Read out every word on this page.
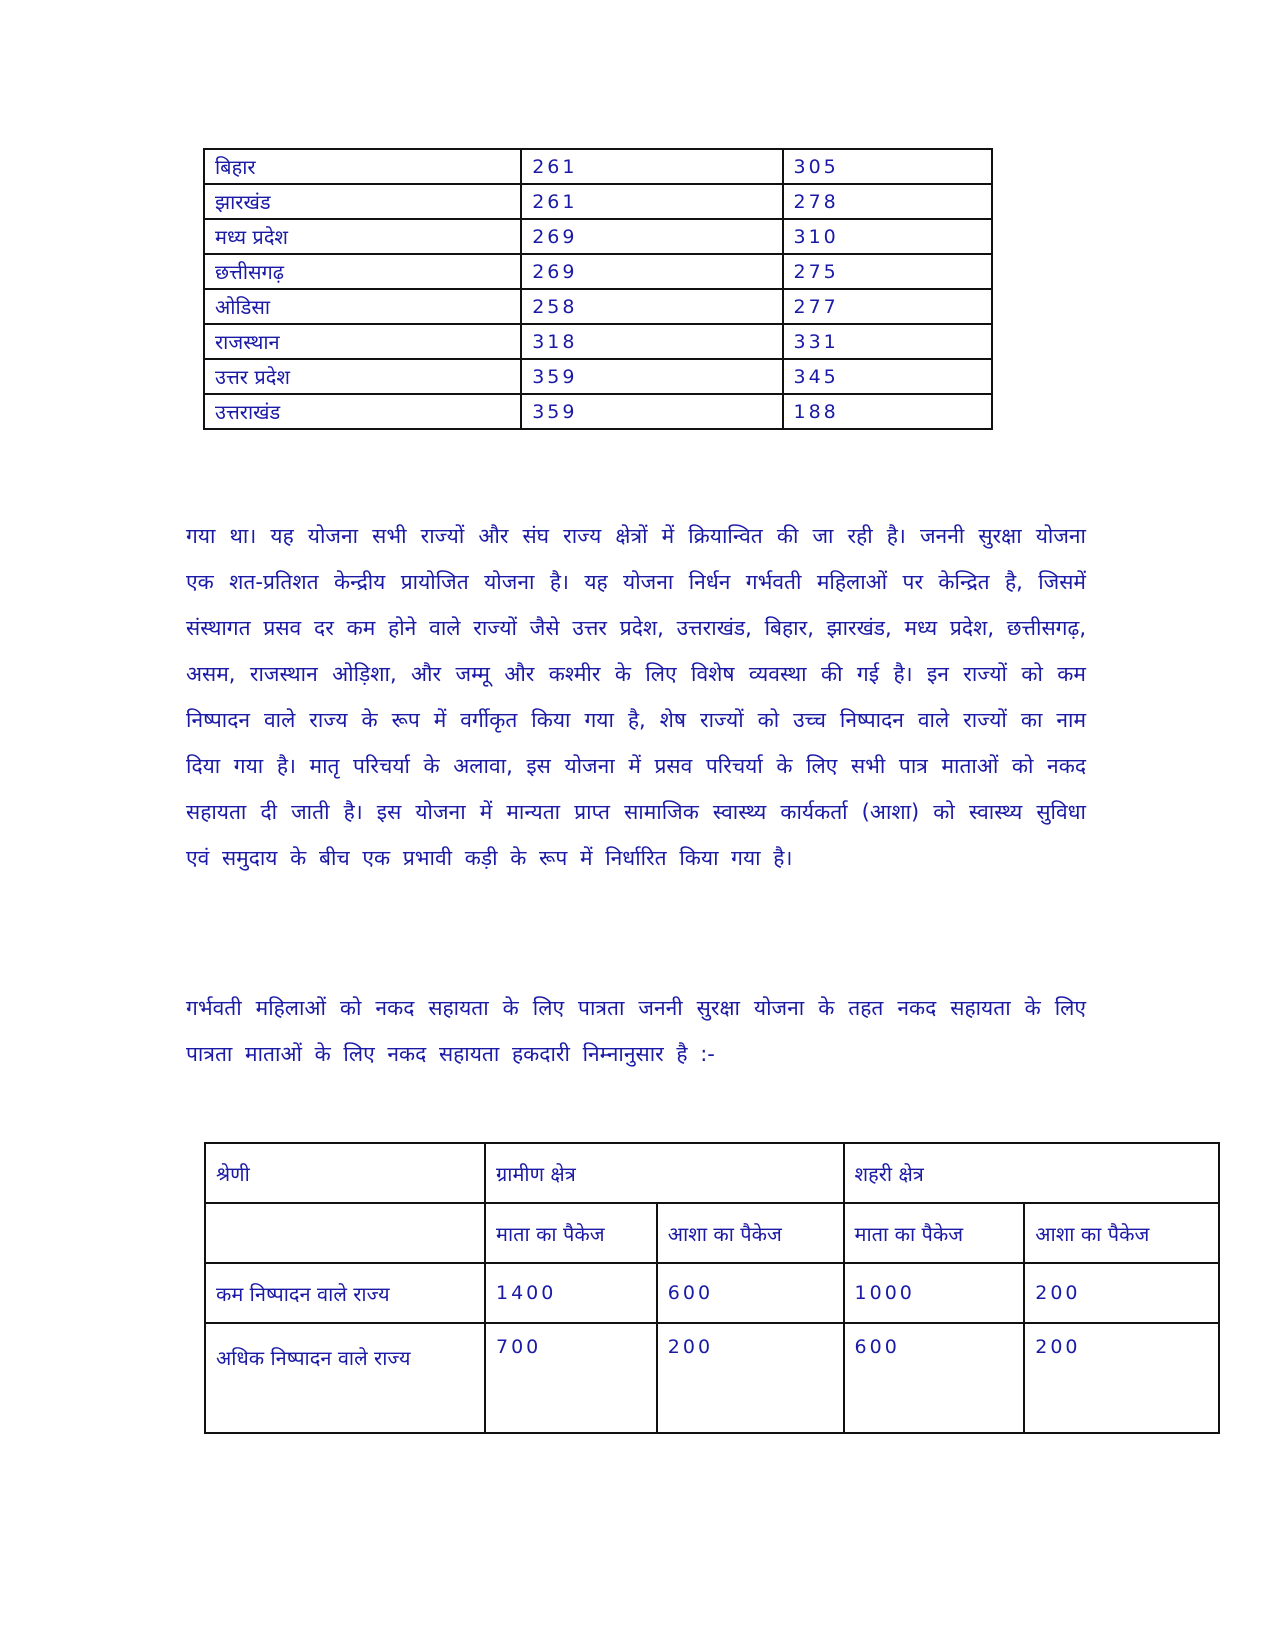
बिहार	261	305
झारखंड	261	278
मध्य प्रदेश	269	310
छत्तीसगढ़	269	275
ओडिसा	258	277
राजस्थान	318	331
उत्तर प्रदेश	359	345
उत्तराखंड	359	188

गया था। यह योजना सभी राज्यों और संघ राज्य क्षेत्रों में क्रियान्वित की जा रही है। जननी सुरक्षा योजना एक शत-प्रतिशत केन्द्रीय प्रायोजित योजना है। यह योजना निर्धन गर्भवती महिलाओं पर केन्द्रित है, जिसमें संस्थागत प्रसव दर कम होने वाले राज्यों जैसे उत्तर प्रदेश, उत्तराखंड, बिहार, झारखंड, मध्य प्रदेश, छत्तीसगढ़, असम, राजस्थान ओड़िशा, और जम्मू और कश्मीर के लिए विशेष व्यवस्था की गई है। इन राज्यों को कम निष्पादन वाले राज्य के रूप में वर्गीकृत किया गया है, शेष राज्यों को उच्च निष्पादन वाले राज्यों का नाम दिया गया है। मातृ परिचर्या के अलावा, इस योजना में प्रसव परिचर्या के लिए सभी पात्र माताओं को नकद सहायता दी जाती है। इस योजना में मान्यता प्राप्त सामाजिक स्वास्थ्य कार्यकर्ता (आशा) को स्वास्थ्य सुविधा एवं समुदाय के बीच एक प्रभावी कड़ी के रूप में निर्धारित किया गया है।

गर्भवती महिलाओं को नकद सहायता के लिए पात्रता जननी सुरक्षा योजना के तहत नकद सहायता के लिए पात्रता माताओं के लिए नकद सहायता हकदारी निम्नानुसार है :-

श्रेणी	ग्रामीण क्षेत्र		शहरी क्षेत्र	
	माता का पैकेज	आशा का पैकेज	माता का पैकेज	आशा का पैकेज
कम निष्पादन वाले राज्य	1400	600	1000	200
अधिक निष्पादन वाले राज्य	700	200	600	200
